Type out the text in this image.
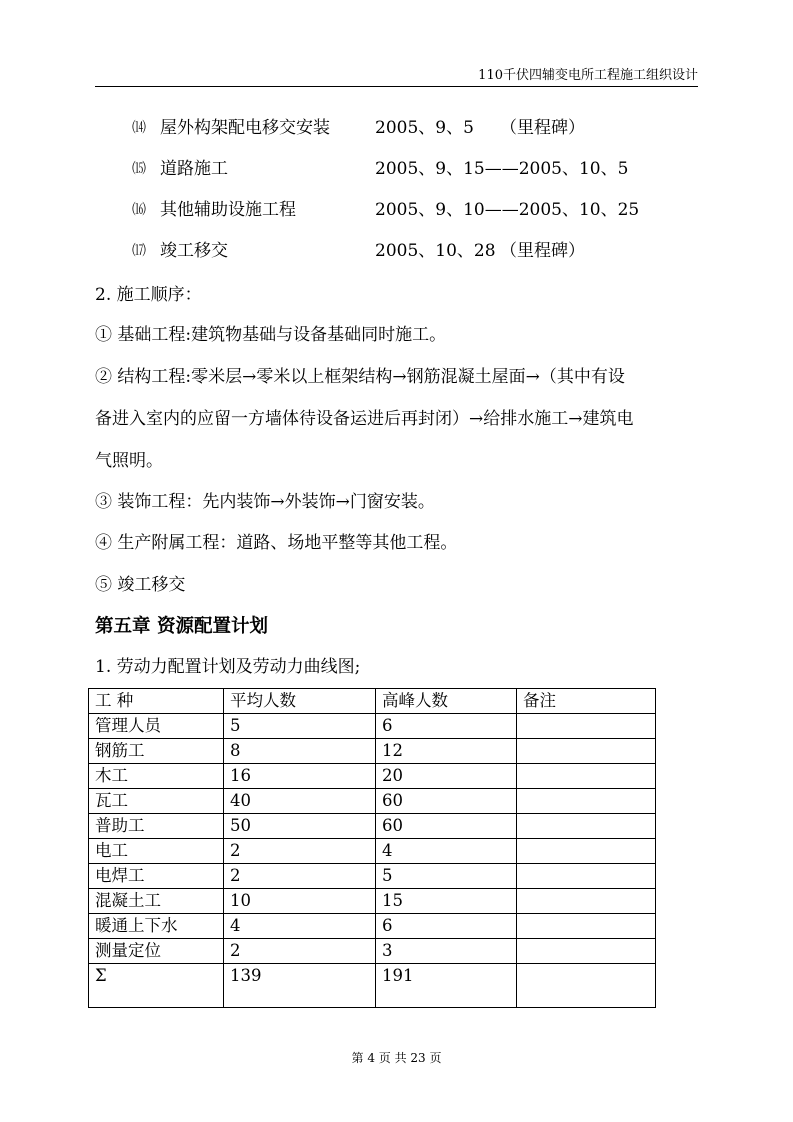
110千伏四辅变电所工程施工组织设计
⒁ 屋外构架配电移交安装	2005、9、5 （里程碑）
⒂ 道路施工	2005、9、15——2005、10、5
⒃ 其他辅助设施工程	2005、9、10——2005、10、25
⒄ 竣工移交	2005、10、28 （里程碑）
2. 施工顺序：
① 基础工程:建筑物基础与设备基础同时施工。
② 结构工程:零米层→零米以上框架结构→钢筋混凝土屋面→（其中有设
备进入室内的应留一方墙体待设备运进后再封闭）→给排水施工→建筑电
气照明。
③ 装饰工程：先内装饰→外装饰→门窗安装。
④ 生产附属工程：道路、场地平整等其他工程。
⑤ 竣工移交
第五章 资源配置计划
1. 劳动力配置计划及劳动力曲线图;
工 种	平均人数	高峰人数	备注
管理人员	5	6	
钢筋工	8	12	
木工	16	20	
瓦工	40	60	
普助工	50	60	
电工	2	4	
电焊工	2	5	
混凝土工	10	15	
暖通上下水	4	6	
测量定位	2	3	
Σ	139	191	
第 4 页 共 23 页
